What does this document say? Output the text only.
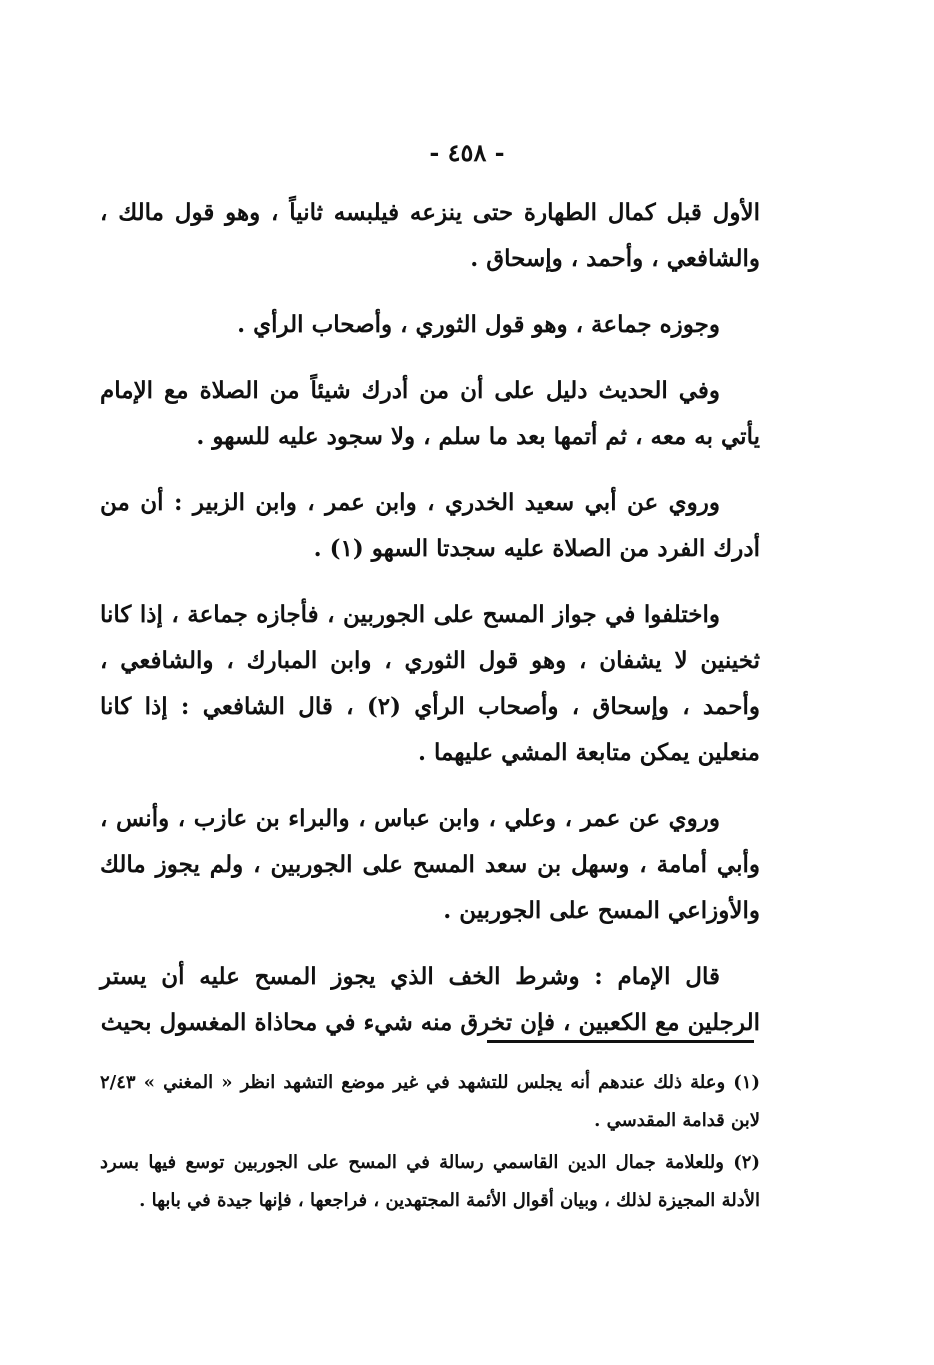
- ٤٥٨ -

الأول قبل كمال الطهارة حتى ينزعه فيلبسه ثانياً ، وهو قول مالك ، والشافعي ، وأحمد ، وإسحاق .

وجوزه جماعة ، وهو قول الثوري ، وأصحاب الرأي .

وفي الحديث دليل على أن من أدرك شيئاً من الصلاة مع الإمام يأتي به معه ، ثم أتمها بعد ما سلم ، ولا سجود عليه للسهو .

وروي عن أبي سعيد الخدري ، وابن عمر ، وابن الزبير : أن من أدرك الفرد من الصلاة عليه سجدتا السهو (١) .

واختلفوا في جواز المسح على الجوربين ، فأجازه جماعة ، إذا كانا ثخينين لا يشفان ، وهو قول الثوري ، وابن المبارك ، والشافعي ، وأحمد ، وإسحاق ، وأصحاب الرأي (٢) ، قال الشافعي : إذا كانا منعلين يمكن متابعة المشي عليهما .

وروي عن عمر ، وعلي ، وابن عباس ، والبراء بن عازب ، وأنس ، وأبي أمامة ، وسهل بن سعد المسح على الجوربين ، ولم يجوز مالك والأوزاعي المسح على الجوربين .

قال الإمام : وشرط الخف الذي يجوز المسح عليه أن يستر الرجلين مع الكعبين ، فإن تخرق منه شيء في محاذاة المغسول بحيث

(١) وعلة ذلك عندهم أنه يجلس للتشهد في غير موضع التشهد انظر « المغني » ٢/٤٣ لابن قدامة المقدسي .

(٢) وللعلامة جمال الدين القاسمي رسالة في المسح على الجوربين توسع فيها بسرد الأدلة المجيزة لذلك ، وبيان أقوال الأئمة المجتهدين ، فراجعها ، فإنها جيدة في بابها .
